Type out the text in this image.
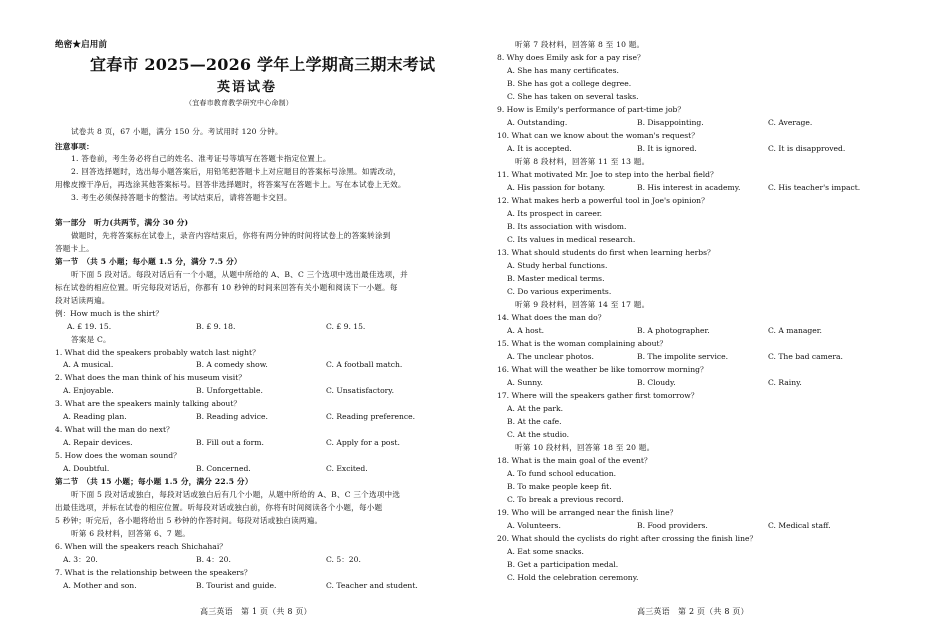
绝密★启用前
宜春市 2025—2026 学年上学期高三期末考试
英语试卷
（宜春市教育教学研究中心命制）
试卷共 8 页，67 小题，满分 150 分。考试用时 120 分钟。
注意事项：
1. 答卷前，考生务必将自己的姓名、准考证号等填写在答题卡指定位置上。
2. 回答选择题时，选出每小题答案后，用铅笔把答题卡上对应题目的答案标号涂黑。如需改动，
用橡皮擦干净后，再选涂其他答案标号。回答非选择题时，将答案写在答题卡上。写在本试卷上无效。
3. 考生必须保持答题卡的整洁。考试结束后，请将答题卡交回。
第一部分　听力(共两节，满分 30 分)
做题时，先将答案标在试卷上，录音内容结束后，你将有两分钟的时间将试卷上的答案转涂到
答题卡上。
第一节　（共 5 小题；每小题 1.5 分，满分 7.5 分）
听下面 5 段对话。每段对话后有一个小题，从题中所给的 A、B、C 三个选项中选出最佳选项，并
标在试卷的相应位置。听完每段对话后，你都有 10 秒钟的时间来回答有关小题和阅读下一小题。每
段对话读两遍。
例：How much is the shirt？
A. £ 19. 15.	B. £ 9. 18.	C. £ 9. 15.
答案是 C。
1. What did the speakers probably watch last night？
A. A musical.	B. A comedy show.	C. A football match.
2. What does the man think of his museum visit？
A. Enjoyable.	B. Unforgettable.	C. Unsatisfactory.
3. What are the speakers mainly talking about？
A. Reading plan.	B. Reading advice.	C. Reading preference.
4. What will the man do next？
A. Repair devices.	B. Fill out a form.	C. Apply for a post.
5. How does the woman sound？
A. Doubtful.	B. Concerned.	C. Excited.
第二节　（共 15 小题；每小题 1.5 分，满分 22.5 分）
听下面 5 段对话或独白，每段对话或独白后有几个小题，从题中所给的 A、B、C 三个选项中选
出最佳选项，并标在试卷的相应位置。听每段对话或独白前，你将有时间阅读各个小题，每小题
5 秒钟；听完后，各小题将给出 5 秒钟的作答时间。每段对话或独白读两遍。
听第 6 段材料，回答第 6、7 题。
6. When will the speakers reach Shichahai？
A. 3：20.	B. 4：20.	C. 5：20.
7. What is the relationship between the speakers？
A. Mother and son.	B. Tourist and guide.	C. Teacher and student.
高三英语　第 1 页（共 8 页）
听第 7 段材料，回答第 8 至 10 题。
8. Why does Emily ask for a pay rise？
A. She has many certificates.
B. She has got a college degree.
C. She has taken on several tasks.
9. How is Emily's performance of part-time job？
A. Outstanding.	B. Disappointing.	C. Average.
10. What can we know about the woman's request？
A. It is accepted.	B. It is ignored.	C. It is disapproved.
听第 8 段材料，回答第 11 至 13 题。
11. What motivated Mr. Joe to step into the herbal field？
A. His passion for botany.	B. His interest in academy.	C. His teacher's impact.
12. What makes herb a powerful tool in Joe's opinion？
A. Its prospect in career.
B. Its association with wisdom.
C. Its values in medical research.
13. What should students do first when learning herbs？
A. Study herbal functions.
B. Master medical terms.
C. Do various experiments.
听第 9 段材料，回答第 14 至 17 题。
14. What does the man do？
A. A host.	B. A photographer.	C. A manager.
15. What is the woman complaining about？
A. The unclear photos.	B. The impolite service.	C. The bad camera.
16. What will the weather be like tomorrow morning？
A. Sunny.	B. Cloudy.	C. Rainy.
17. Where will the speakers gather first tomorrow？
A. At the park.
B. At the cafe.
C. At the studio.
听第 10 段材料，回答第 18 至 20 题。
18. What is the main goal of the event？
A. To fund school education.
B. To make people keep fit.
C. To break a previous record.
19. Who will be arranged near the finish line？
A. Volunteers.	B. Food providers.	C. Medical staff.
20. What should the cyclists do right after crossing the finish line？
A. Eat some snacks.
B. Get a participation medal.
C. Hold the celebration ceremony.
高三英语　第 2 页（共 8 页）
